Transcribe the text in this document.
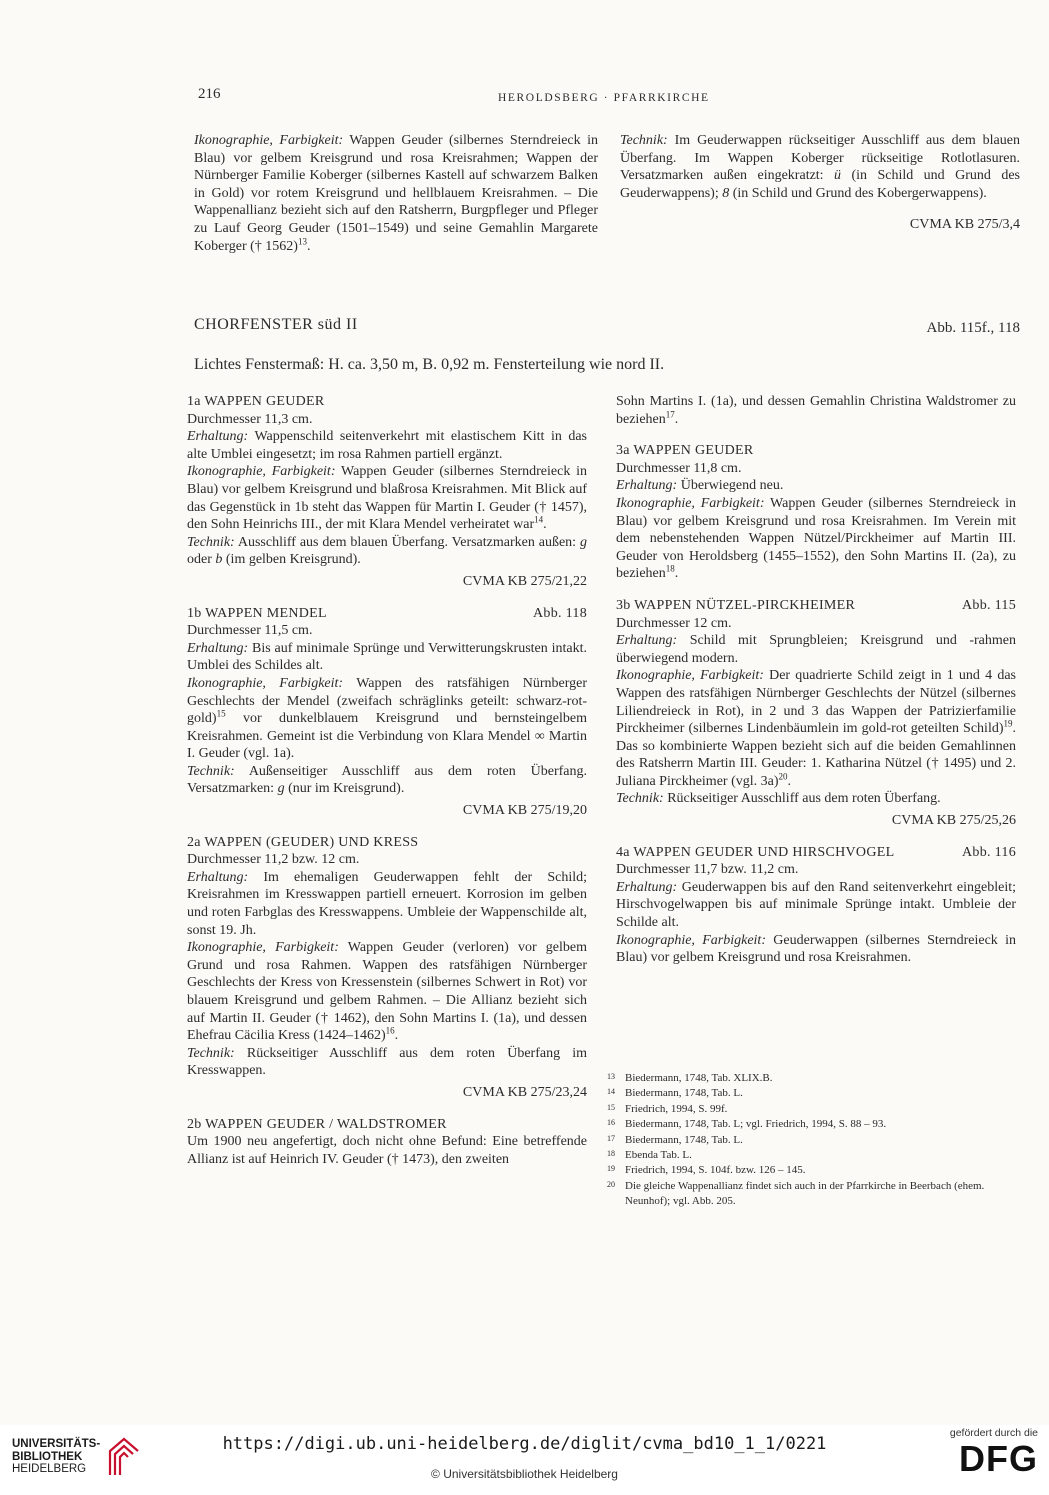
216	HEROLDSBERG · PFARRKIRCHE

Ikonographie, Farbigkeit: Wappen Geuder (silbernes Sterndreieck in Blau) vor gelbem Kreisgrund und rosa Kreisrahmen; Wappen der Nürnberger Familie Koberger (silbernes Kastell auf schwarzem Balken in Gold) vor rotem Kreisgrund und hellblauem Kreisrahmen. – Die Wappenallianz bezieht sich auf den Ratsherrn, Burgpfleger und Pfleger zu Lauf Georg Geuder (1501–1549) und seine Gemahlin Margarete Koberger († 1562)$^{13}$.

Technik: Im Geuderwappen rückseitiger Ausschliff aus dem blauen Überfang. Im Wappen Koberger rückseitige Rotlotlasuren. Versatzmarken außen eingekratzt: ü (in Schild und Grund des Geuderwappens); 8 (in Schild und Grund des Kobergerwappens).

CVMA KB 275/3,4

CHORFENSTER süd II	Abb. 115f., 118
Lichtes Fenstermaß: H. ca. 3,50 m, B. 0,92 m. Fensterteilung wie nord II.
1a WAPPEN GEUDER

Durchmesser 11,3 cm.

Erhaltung: Wappenschild seitenverkehrt mit elastischem Kitt in das alte Umblei eingesetzt; im rosa Rahmen partiell ergänzt.

Ikonographie, Farbigkeit: Wappen Geuder (silbernes Sterndreieck in Blau) vor gelbem Kreisgrund und blaßrosa Kreisrahmen. Mit Blick auf das Gegenstück in 1b steht das Wappen für Martin I. Geuder († 1457), den Sohn Heinrichs III., der mit Klara Mendel verheiratet war$^{14}$.

Technik: Ausschliff aus dem blauen Überfang. Versatzmarken außen: g oder b (im gelben Kreisgrund).

CVMA KB 275/21,22

1b WAPPEN MENDEL	Abb. 118

Durchmesser 11,5 cm.

Erhaltung: Bis auf minimale Sprünge und Verwitterungskrusten intakt. Umblei des Schildes alt.

Ikonographie, Farbigkeit: Wappen des ratsfähigen Nürnberger Geschlechts der Mendel (zweifach schräglinks geteilt: schwarz-rot-gold)$^{15}$ vor dunkelblauem Kreisgrund und bernsteingelbem Kreisrahmen. Gemeint ist die Verbindung von Klara Mendel ∞ Martin I. Geuder (vgl. 1a).

Technik: Außenseitiger Ausschliff aus dem roten Überfang. Versatzmarken: g (nur im Kreisgrund).

CVMA KB 275/19,20

2a WAPPEN (GEUDER) UND KRESS

Durchmesser 11,2 bzw. 12 cm.

Erhaltung: Im ehemaligen Geuderwappen fehlt der Schild; Kreisrahmen im Kresswappen partiell erneuert. Korrosion im gelben und roten Farbglas des Kresswappens. Umbleie der Wappenschilde alt, sonst 19. Jh.

Ikonographie, Farbigkeit: Wappen Geuder (verloren) vor gelbem Grund und rosa Rahmen. Wappen des ratsfähigen Nürnberger Geschlechts der Kress von Kressenstein (silbernes Schwert in Rot) vor blauem Kreisgrund und gelbem Rahmen. – Die Allianz bezieht sich auf Martin II. Geuder († 1462), den Sohn Martins I. (1a), und dessen Ehefrau Cäcilia Kress (1424–1462)$^{16}$.

Technik: Rückseitiger Ausschliff aus dem roten Überfang im Kresswappen.

CVMA KB 275/23,24

2b WAPPEN GEUDER / WALDSTROMER

Um 1900 neu angefertigt, doch nicht ohne Befund: Eine betreffende Allianz ist auf Heinrich IV. Geuder († 1473), den zweiten

Sohn Martins I. (1a), und dessen Gemahlin Christina Waldstromer zu beziehen$^{17}$.

3a WAPPEN GEUDER

Durchmesser 11,8 cm.

Erhaltung: Überwiegend neu.

Ikonographie, Farbigkeit: Wappen Geuder (silbernes Sterndreieck in Blau) vor gelbem Kreisgrund und rosa Kreisrahmen. Im Verein mit dem nebenstehenden Wappen Nützel/Pirckheimer auf Martin III. Geuder von Heroldsberg (1455–1552), den Sohn Martins II. (2a), zu beziehen$^{18}$.

3b WAPPEN NÜTZEL-PIRCKHEIMER	Abb. 115

Durchmesser 12 cm.

Erhaltung: Schild mit Sprungbleien; Kreisgrund und -rahmen überwiegend modern.

Ikonographie, Farbigkeit: Der quadrierte Schild zeigt in 1 und 4 das Wappen des ratsfähigen Nürnberger Geschlechts der Nützel (silbernes Liliendreieck in Rot), in 2 und 3 das Wappen der Patrizierfamilie Pirckheimer (silbernes Lindenbäumlein im gold-rot geteilten Schild)$^{19}$. Das so kombinierte Wappen bezieht sich auf die beiden Gemahlinnen des Ratsherrn Martin III. Geuder: 1. Katharina Nützel († 1495) und 2. Juliana Pirckheimer (vgl. 3a)$^{20}$.

Technik: Rückseitiger Ausschliff aus dem roten Überfang.

CVMA KB 275/25,26

4a WAPPEN GEUDER UND HIRSCHVOGEL	Abb. 116

Durchmesser 11,7 bzw. 11,2 cm.

Erhaltung: Geuderwappen bis auf den Rand seitenverkehrt eingebleit; Hirschvogelwappen bis auf minimale Sprünge intakt. Umbleie der Schilde alt.

Ikonographie, Farbigkeit: Geuderwappen (silbernes Sterndreieck in Blau) vor gelbem Kreisgrund und rosa Kreisrahmen.

13 Biedermann, 1748, Tab. XLIX.B.
14 Biedermann, 1748, Tab. L.
15 Friedrich, 1994, S. 99f.
16 Biedermann, 1748, Tab. L; vgl. Friedrich, 1994, S. 88 – 93.
17 Biedermann, 1748, Tab. L.
18 Ebenda Tab. L.
19 Friedrich, 1994, S. 104f. bzw. 126 – 145.
20 Die gleiche Wappenallianz findet sich auch in der Pfarrkirche in Beerbach (ehem. Neunhof); vgl. Abb. 205.
UNIVERSITÄTS-
BIBLIOTHEK
HEIDELBERG
https://digi.ub.uni-heidelberg.de/diglit/cvma_bd10_1_1/0221
© Universitätsbibliothek Heidelberg
gefördert durch die
DFG
